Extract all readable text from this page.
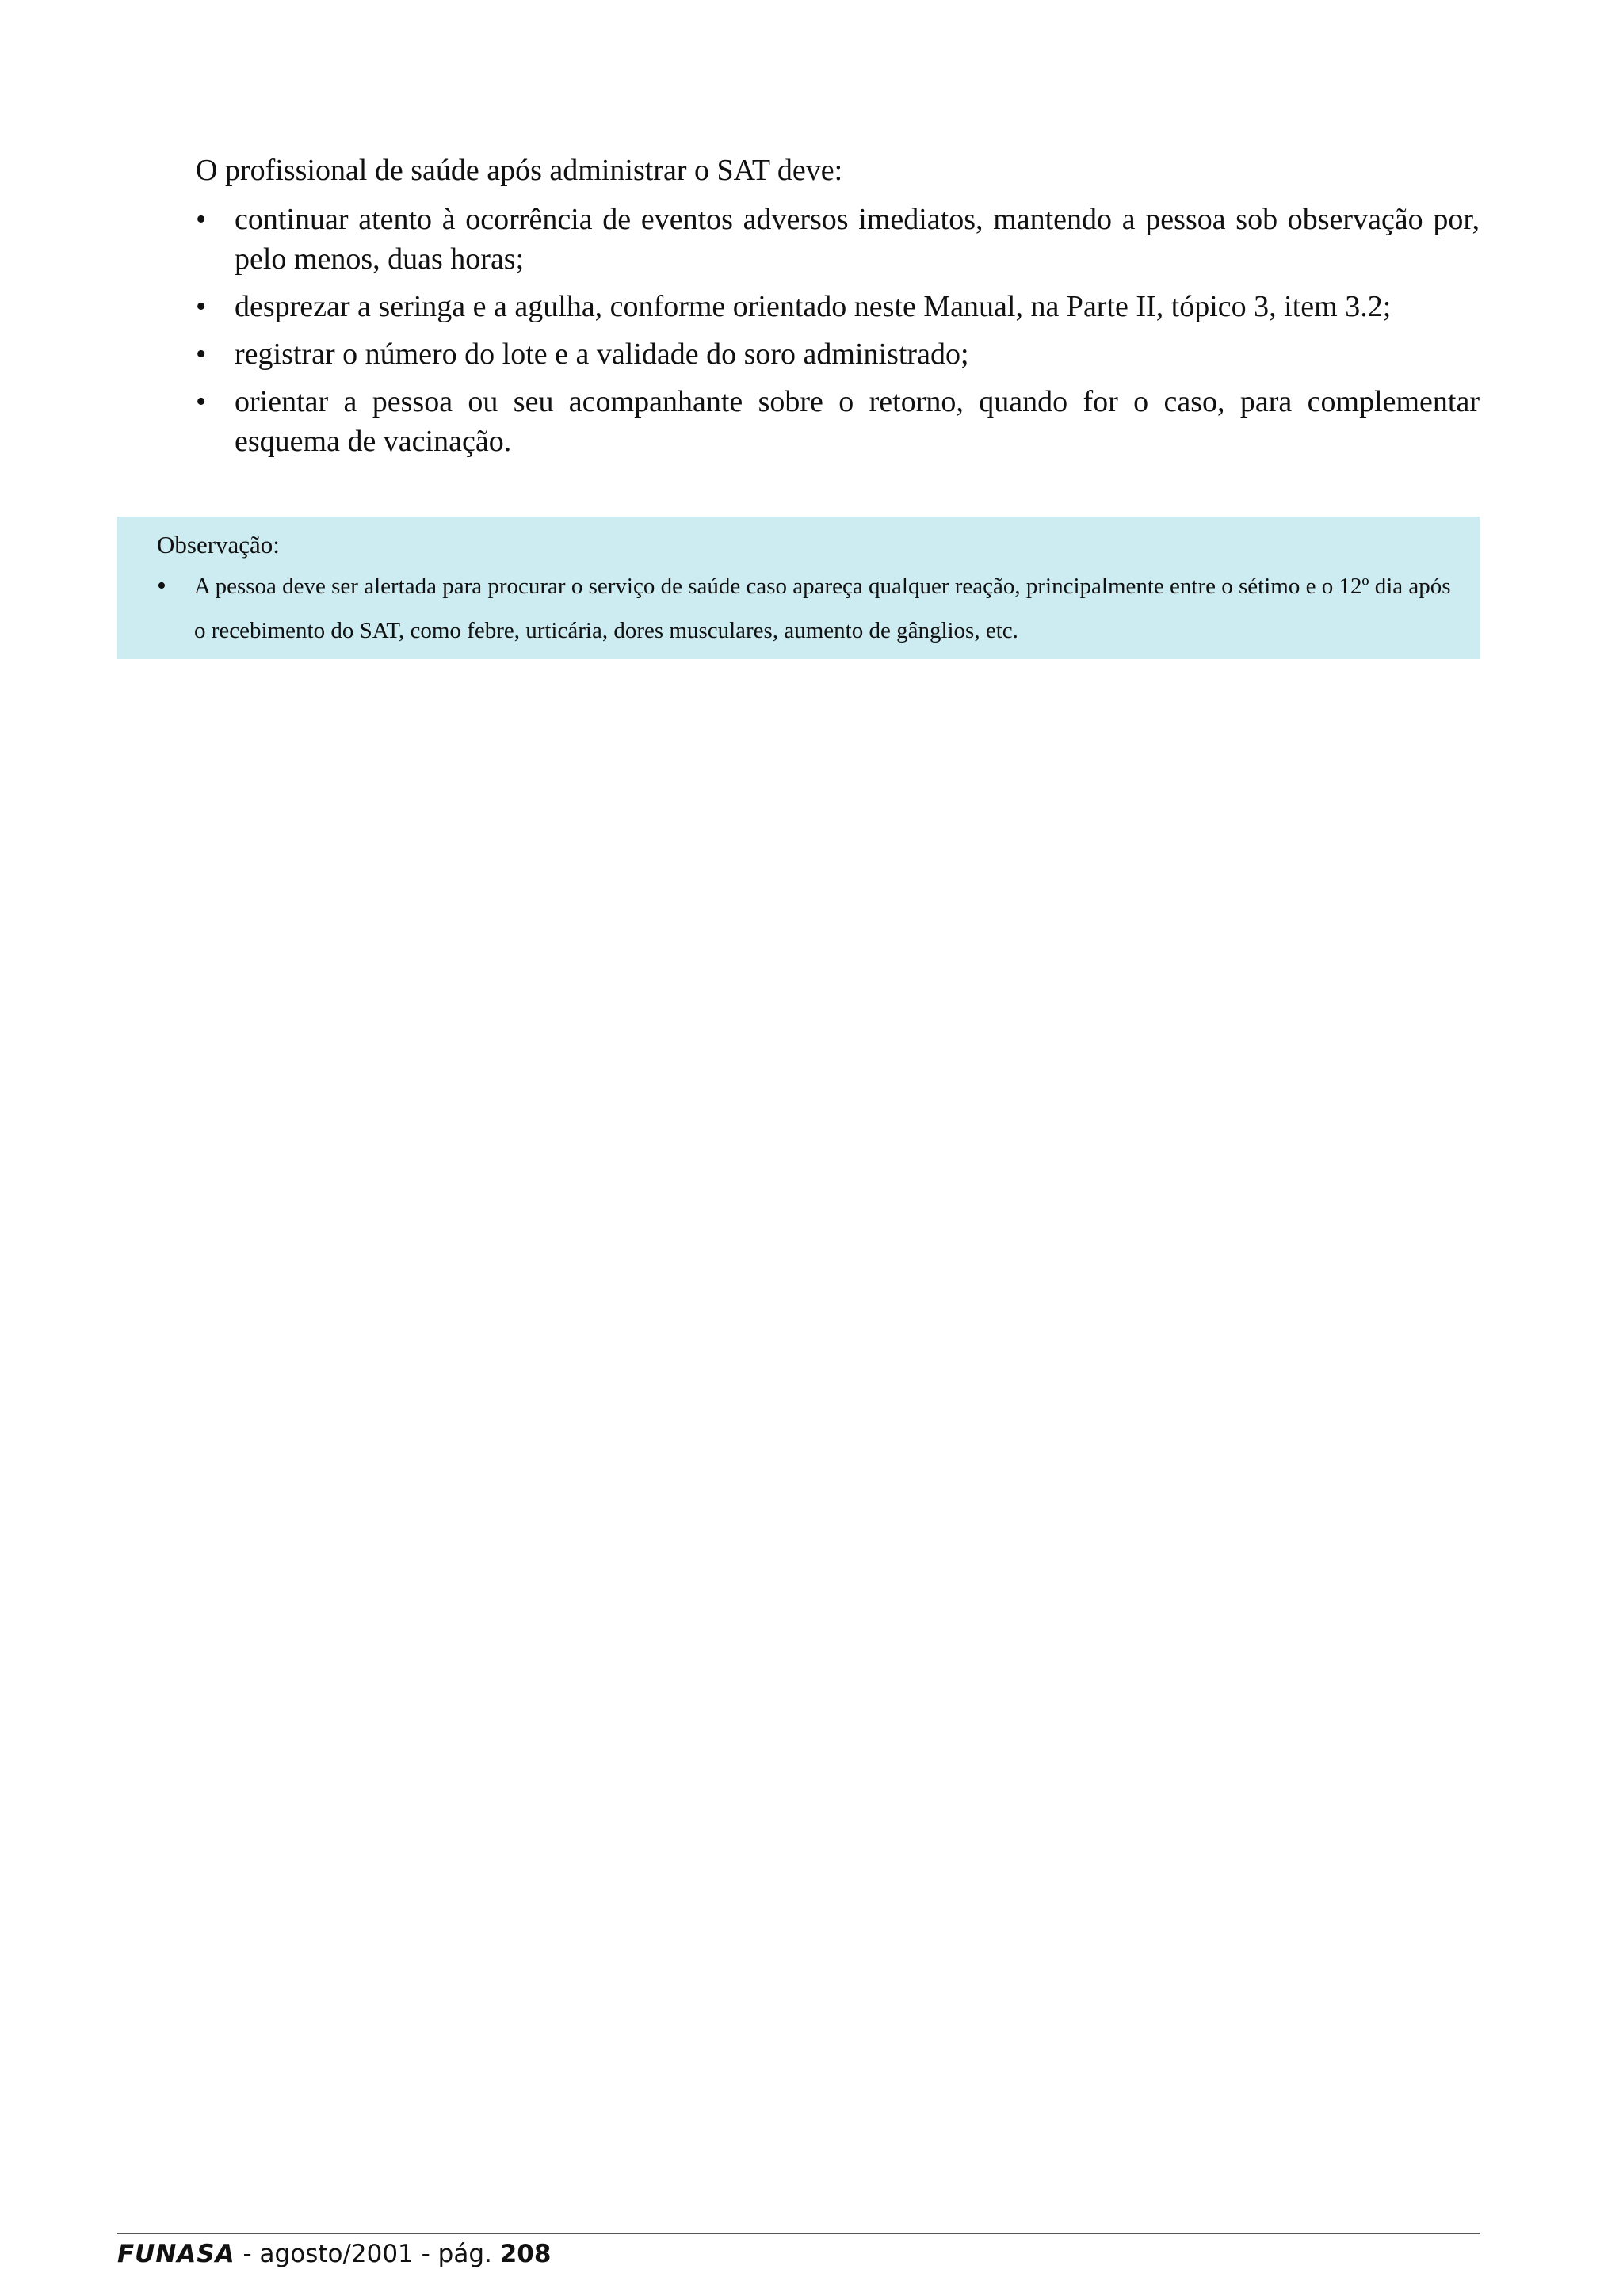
O profissional de saúde após administrar o SAT deve:

• continuar atento à ocorrência de eventos adversos imediatos, mantendo a pessoa sob observação por, pelo menos, duas horas;
• desprezar a seringa e a agulha, conforme orientado neste Manual, na Parte II, tópico 3, item 3.2;
• registrar o número do lote e a validade do soro administrado;
• orientar a pessoa ou seu acompanhante sobre o retorno, quando for o caso, para complementar esquema de vacinação.

Observação:

• A pessoa deve ser alertada para procurar o serviço de saúde caso apareça qualquer reação, principalmente entre o sétimo e o 12º dia após o recebimento do SAT, como febre, urticária, dores musculares, aumento de gânglios, etc.
FUNASA - agosto/2001 - pág. 208
